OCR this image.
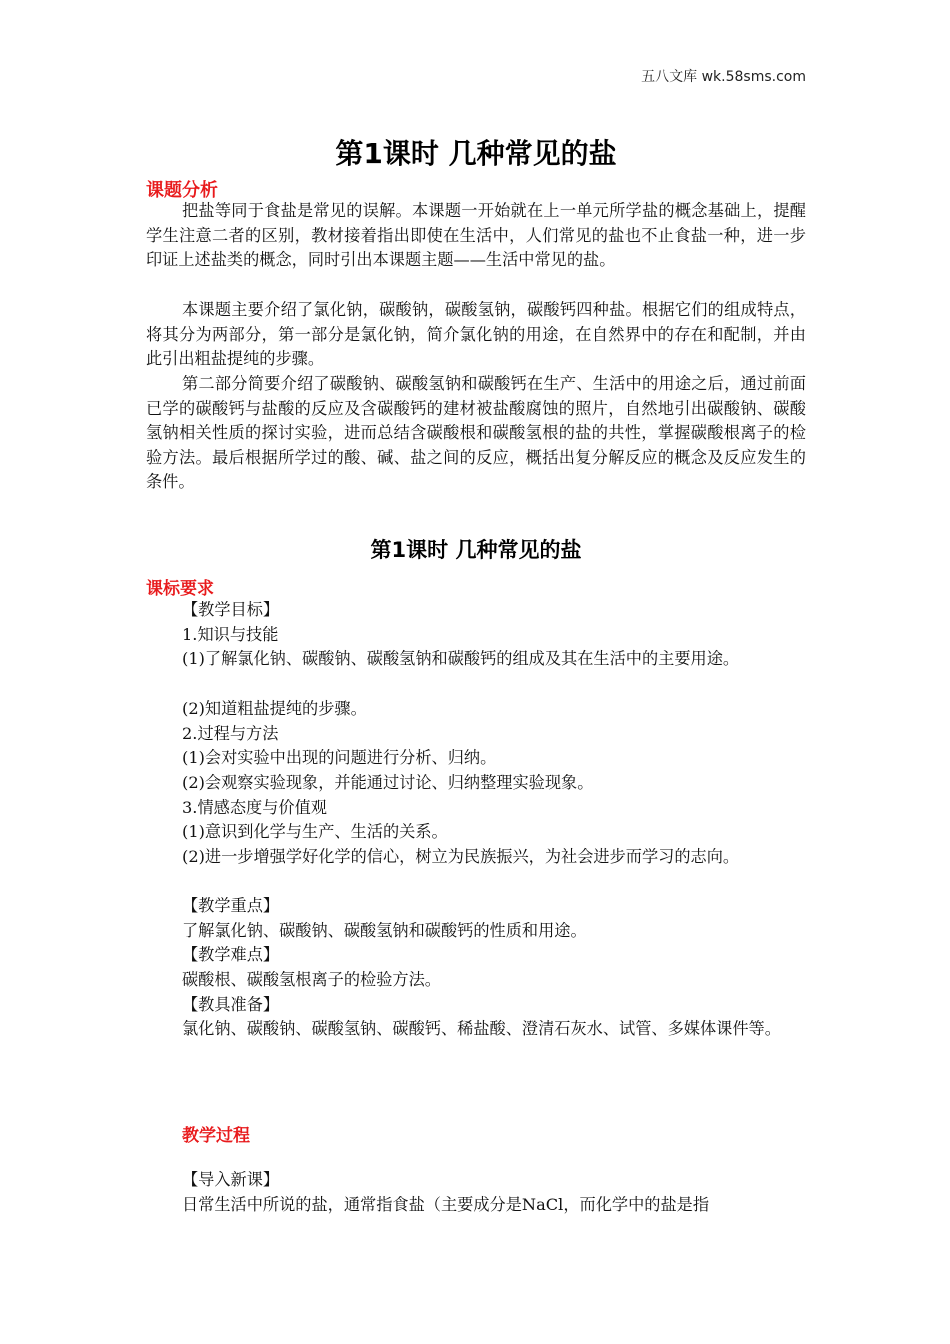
五八文库 wk.58sms.com
第1课时 几种常见的盐
课题分析

把盐等同于食盐是常见的误解。本课题一开始就在上一单元所学盐的概念基础上，提醒学生注意二者的区别，教材接着指出即使在生活中，人们常见的盐也不止食盐一种，进一步印证上述盐类的概念，同时引出本课题主题——生活中常见的盐。

本课题主要介绍了氯化钠，碳酸钠，碳酸氢钠，碳酸钙四种盐。根据它们的组成特点，将其分为两部分，第一部分是氯化钠，简介氯化钠的用途，在自然界中的存在和配制，并由此引出粗盐提纯的步骤。

第二部分简要介绍了碳酸钠、碳酸氢钠和碳酸钙在生产、生活中的用途之后，通过前面已学的碳酸钙与盐酸的反应及含碳酸钙的建材被盐酸腐蚀的照片，自然地引出碳酸钠、碳酸氢钠相关性质的探讨实验，进而总结含碳酸根和碳酸氢根的盐的共性，掌握碳酸根离子的检验方法。最后根据所学过的酸、碱、盐之间的反应，概括出复分解反应的概念及反应发生的条件。

第1课时 几种常见的盐
课标要求

【教学目标】

1.知识与技能

(1)了解氯化钠、碳酸钠、碳酸氢钠和碳酸钙的组成及其在生活中的主要用途。

(2)知道粗盐提纯的步骤。

2.过程与方法

(1)会对实验中出现的问题进行分析、归纳。

(2)会观察实验现象，并能通过讨论、归纳整理实验现象。

3.情感态度与价值观

(1)意识到化学与生产、生活的关系。

(2)进一步增强学好化学的信心，树立为民族振兴，为社会进步而学习的志向。

【教学重点】

了解氯化钠、碳酸钠、碳酸氢钠和碳酸钙的性质和用途。

【教学难点】

碳酸根、碳酸氢根离子的检验方法。

【教具准备】

氯化钠、碳酸钠、碳酸氢钠、碳酸钙、稀盐酸、澄清石灰水、试管、多媒体课件等。

教学过程

【导入新课】

日常生活中所说的盐，通常指食盐（主要成分是NaCl，而化学中的盐是指
